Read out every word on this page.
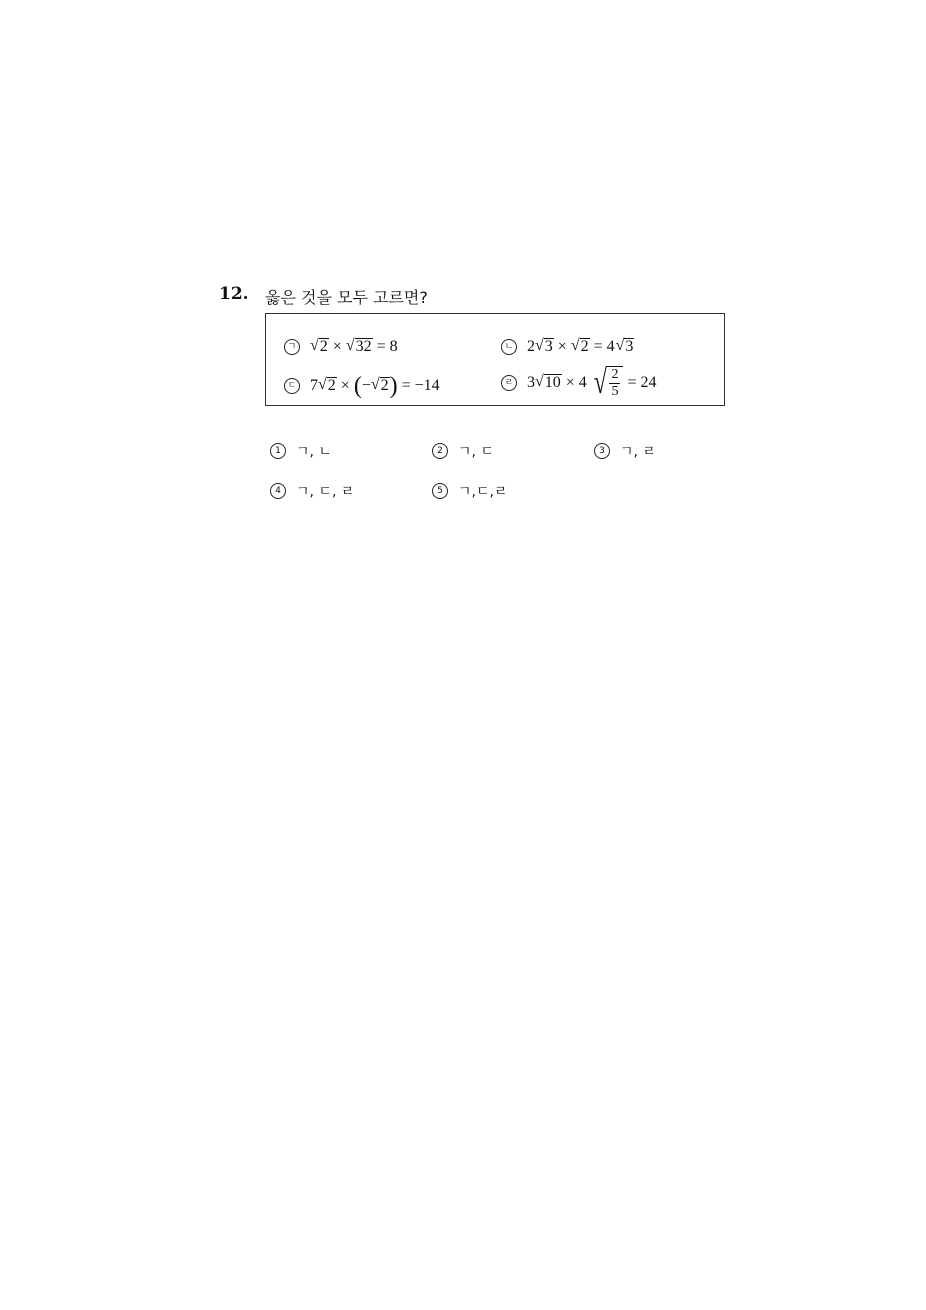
12. 옳은 것을 모두 고르면?
ㄱ √ 2 × √ 32 = 8	ㄴ 2 √ 3 × √ 2 = 4 √ 3
ㄷ 7 √ 2 × ( − √ 2 ) = −14	ㄹ 3 √ 10 × 4 √ $\frac{2}{5} = 24$
1	ㄱ, ㄴ	2	ㄱ, ㄷ	3	ㄱ, ㄹ
4	ㄱ, ㄷ, ㄹ	5	ㄱ,ㄷ,ㄹ
